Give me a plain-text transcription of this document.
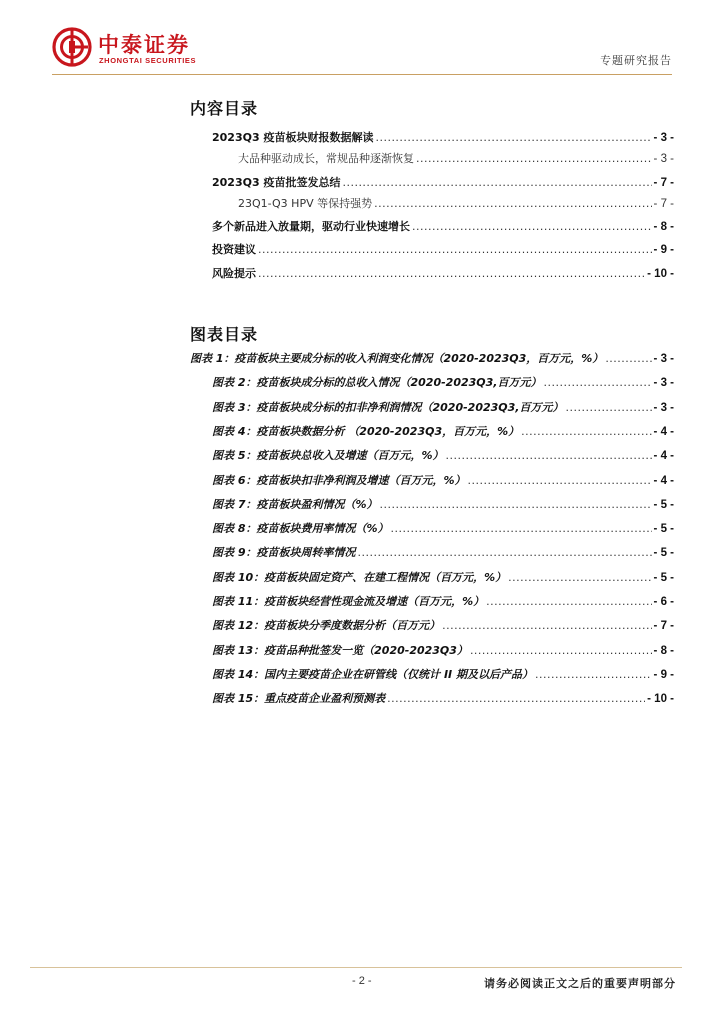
中泰证券
ZHONGTAI SECURITIES	专题研究报告
内容目录
2023Q3 疫苗板块财报数据解读 .....	- 3 -
大品种驱动成长，常规品种逐渐恢复 .....	- 3 -
2023Q3 疫苗批签发总结 .....	- 7 -
23Q1-Q3 HPV 等保持强势 .....	- 7 -
多个新品进入放量期，驱动行业快速增长 .....	- 8 -
投资建议 .....	- 9 -
风险提示 .....	- 10 -
图表目录
图表 1：疫苗板块主要成分标的收入利润变化情况（2020-2023Q3，百万元，%） .....	- 3 -
图表 2：疫苗板块成分标的总收入情况（2020-2023Q3,百万元） .....	- 3 -
图表 3：疫苗板块成分标的扣非净利润情况（2020-2023Q3,百万元） .....	- 3 -
图表 4：疫苗板块数据分析 （2020-2023Q3，百万元，%） .....	- 4 -
图表 5：疫苗板块总收入及增速（百万元，%） .....	- 4 -
图表 6：疫苗板块扣非净利润及增速（百万元，%） .....	- 4 -
图表 7：疫苗板块盈利情况（%） .....	- 5 -
图表 8：疫苗板块费用率情况（%） .....	- 5 -
图表 9：疫苗板块周转率情况 .....	- 5 -
图表 10：疫苗板块固定资产、在建工程情况（百万元，%） .....	- 5 -
图表 11：疫苗板块经营性现金流及增速（百万元，%） .....	- 6 -
图表 12：疫苗板块分季度数据分析（百万元） .....	- 7 -
图表 13：疫苗品种批签发一览（2020-2023Q3） .....	- 8 -
图表 14：国内主要疫苗企业在研管线（仅统计 II 期及以后产品） .....	- 9 -
图表 15：重点疫苗企业盈利预测表 .....	- 10 -
- 2 -	请务必阅读正文之后的重要声明部分
